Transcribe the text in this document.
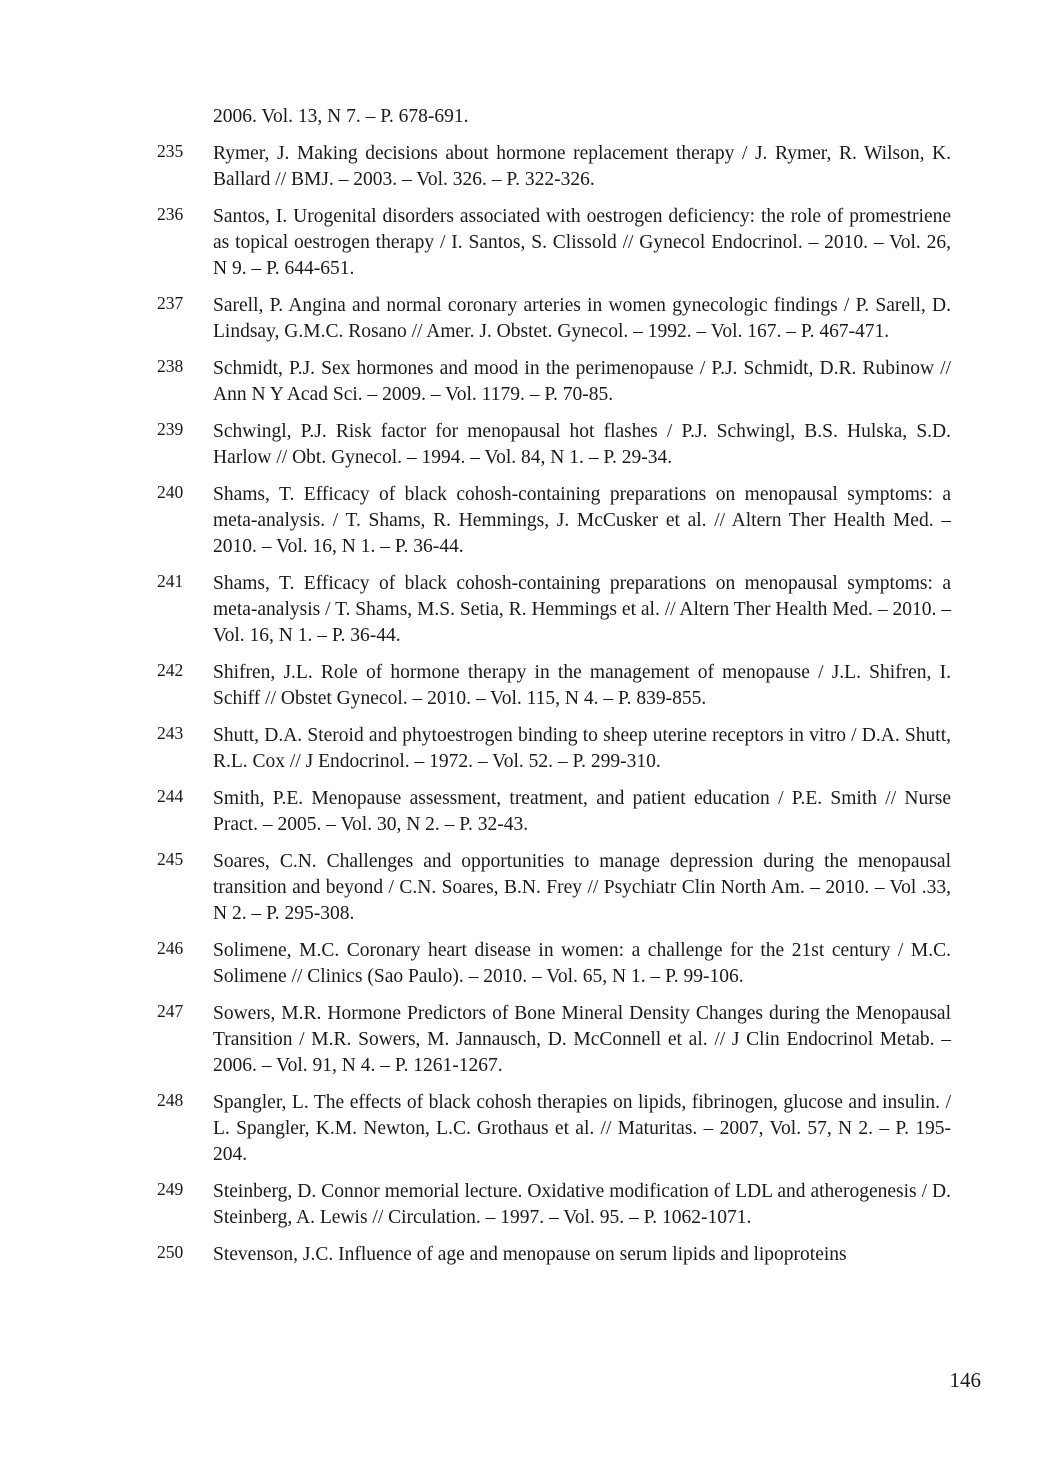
2006. Vol. 13, N 7. – P. 678-691.
235	Rymer, J. Making decisions about hormone replacement therapy / J. Rymer, R. Wilson, K. Ballard // BMJ. – 2003. – Vol. 326. – P. 322-326.
236	Santos, I. Urogenital disorders associated with oestrogen deficiency: the role of promestriene as topical oestrogen therapy / I. Santos, S. Clissold // Gynecol Endocrinol. – 2010. – Vol. 26, N 9. – P. 644-651.
237	Sarell, P. Angina and normal coronary arteries in women gynecologic findings / P. Sarell, D. Lindsay, G.M.C. Rosano // Amer. J. Obstet. Gynecol. – 1992. – Vol. 167. – P. 467-471.
238	Schmidt, P.J. Sex hormones and mood in the perimenopause / P.J. Schmidt, D.R. Rubinow // Ann N Y Acad Sci. – 2009. – Vol. 1179. – P. 70-85.
239	Schwingl, P.J. Risk factor for menopausal hot flashes / P.J. Schwingl, B.S. Hulska, S.D. Harlow // Obt. Gynecol. – 1994. – Vol. 84, N 1. – P. 29-34.
240	Shams, T. Efficacy of black cohosh-containing preparations on menopausal symptoms: a meta-analysis. / T. Shams, R. Hemmings, J. McCusker et al. // Altern Ther Health Med. – 2010. – Vol. 16, N 1. – P. 36-44.
241	Shams, T. Efficacy of black cohosh-containing preparations on menopausal symptoms: a meta-analysis / T. Shams, M.S. Setia, R. Hemmings et al. // Altern Ther Health Med. – 2010. – Vol. 16, N 1. – P. 36-44.
242	Shifren, J.L. Role of hormone therapy in the management of menopause / J.L. Shifren, I. Schiff // Obstet Gynecol. – 2010. – Vol. 115, N 4. – P. 839-855.
243	Shutt, D.A. Steroid and phytoestrogen binding to sheep uterine receptors in vitro / D.A. Shutt, R.L. Cox // J Endocrinol. – 1972. – Vol. 52. – P. 299-310.
244	Smith, P.E. Menopause assessment, treatment, and patient education / P.E. Smith // Nurse Pract. – 2005. – Vol. 30, N 2. – P. 32-43.
245	Soares, C.N. Challenges and opportunities to manage depression during the menopausal transition and beyond / C.N. Soares, B.N. Frey // Psychiatr Clin North Am. – 2010. – Vol .33, N 2. – P. 295-308.
246	Solimene, M.C. Coronary heart disease in women: a challenge for the 21st century / M.C. Solimene // Clinics (Sao Paulo). – 2010. – Vol. 65, N 1. – P. 99-106.
247	Sowers, M.R. Hormone Predictors of Bone Mineral Density Changes during the Menopausal Transition / M.R. Sowers, M. Jannausch, D. McConnell et al. // J Clin Endocrinol Metab. – 2006. – Vol. 91, N 4. – P. 1261-1267.
248	Spangler, L. The effects of black cohosh therapies on lipids, fibrinogen, glucose and insulin. / L. Spangler, K.M. Newton, L.C. Grothaus et al. // Maturitas. – 2007, Vol. 57, N 2. – P. 195-204.
249	Steinberg, D. Connor memorial lecture. Oxidative modification of LDL and atherogenesis / D. Steinberg, A. Lewis // Circulation. – 1997. – Vol. 95. – P. 1062-1071.
250	Stevenson, J.C. Influence of age and menopause on serum lipids and lipoproteins
146
